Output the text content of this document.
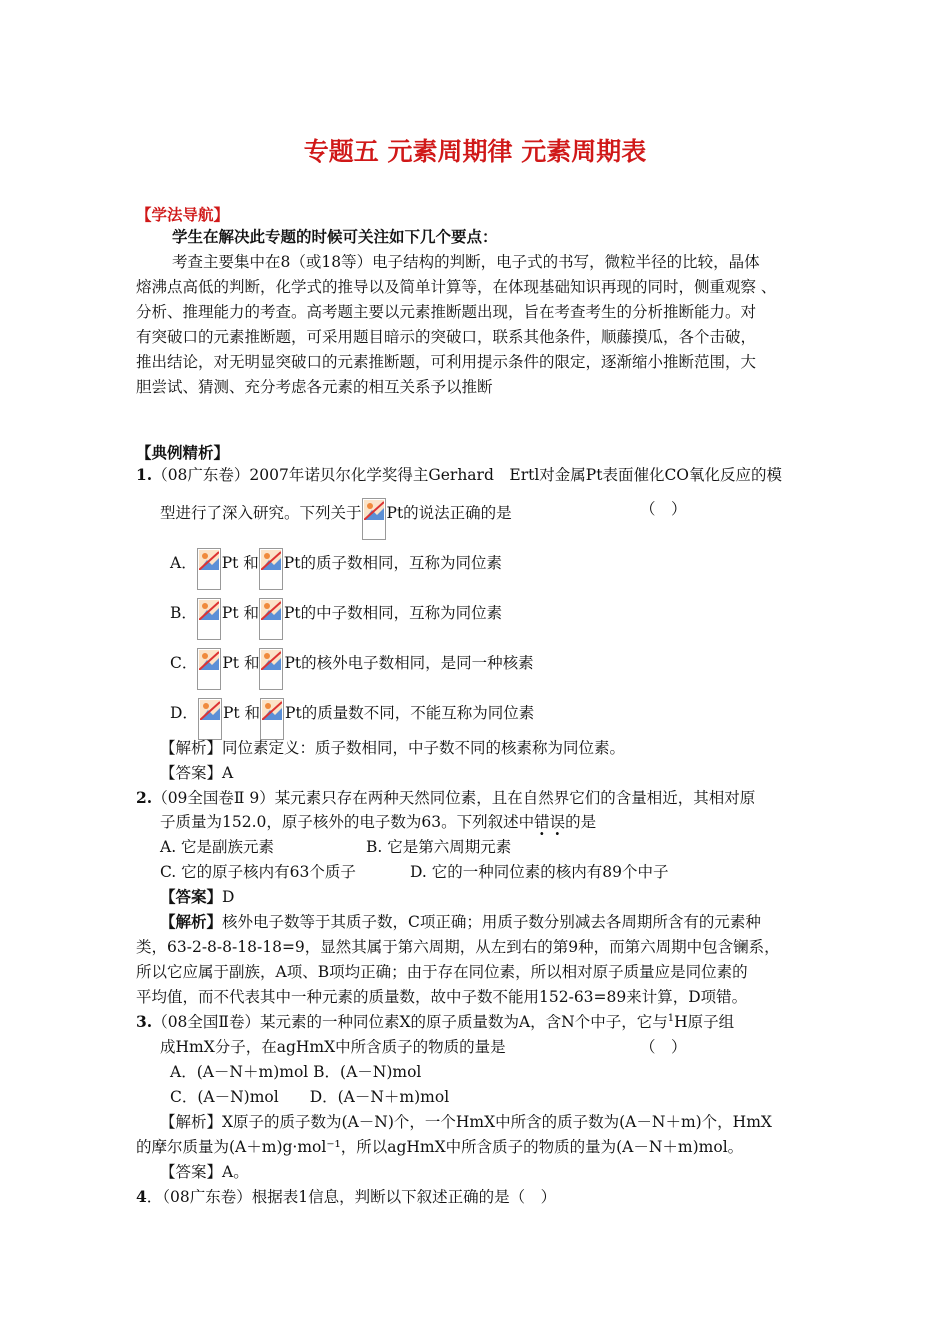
专题五 元素周期律 元素周期表
【学法导航】
学生在解决此专题的时候可关注如下几个要点：
考查主要集中在8（或18等）电子结构的判断，电子式的书写，微粒半径的比较，晶体
熔沸点高低的判断，化学式的推导以及简单计算等，在体现基础知识再现的同时，侧重观察 、
分析、推理能力的考查。高考题主要以元素推断题出现，旨在考查考生的分析推断能力。对
有突破口的元素推断题，可采用题目暗示的突破口，联系其他条件，顺藤摸瓜，各个击破，
推出结论，对无明显突破口的元素推断题，可利用提示条件的限定，逐渐缩小推断范围，大
胆尝试、猜测、充分考虑各元素的相互关系予以推断
【典例精析】
1.（08广东卷）2007年诺贝尔化学奖得主Gerhard　Ertl对金属Pt表面催化CO氧化反应的模
型进行了深入研究。下列关于 Pt的说法正确的是	（　）
A． Pt 和 Pt的质子数相同，互称为同位素
B． Pt 和 Pt的中子数相同，互称为同位素
C． Pt 和 Pt的核外电子数相同，是同一种核素
D． Pt 和 Pt的质量数不同，不能互称为同位素
【解析】同位素定义：质子数相同，中子数不同的核素称为同位素。
【答案】A
2.（09全国卷Ⅱ 9）某元素只存在两种天然同位素，且在自然界它们的含量相近，其相对原
子质量为152.0，原子核外的电子数为63。下列叙述中错误的是
A. 它是副族元素	B. 它是第六周期元素
C. 它的原子核内有63个质子	D. 它的一种同位素的核内有89个中子
【答案】D
【解析】核外电子数等于其质子数，C项正确；用质子数分别减去各周期所含有的元素种
类，63-2-8-8-18-18=9，显然其属于第六周期，从左到右的第9种，而第六周期中包含镧系，
所以它应属于副族，A项、B项均正确；由于存在同位素，所以相对原子质量应是同位素的
平均值，而不代表其中一种元素的质量数，故中子数不能用152-63=89来计算，D项错。
3.（08全国Ⅱ卷）某元素的一种同位素X的原子质量数为A，含N个中子，它与$^1$H原子组
成HmX分子，在agHmX中所含质子的物质的量是	（　）
A．(A－N＋m)mol B．(A－N)mol
C．(A－N)mol　　D．(A－N＋m)mol
【解析】X原子的质子数为(A－N)个，一个HmX中所含的质子数为(A－N＋m)个，HmX
的摩尔质量为(A＋m)g·mol⁻¹，所以agHmX中所含质子的物质的量为(A－N＋m)mol。
【答案】A。
4．（08广东卷）根据表1信息，判断以下叙述正确的是（　）
